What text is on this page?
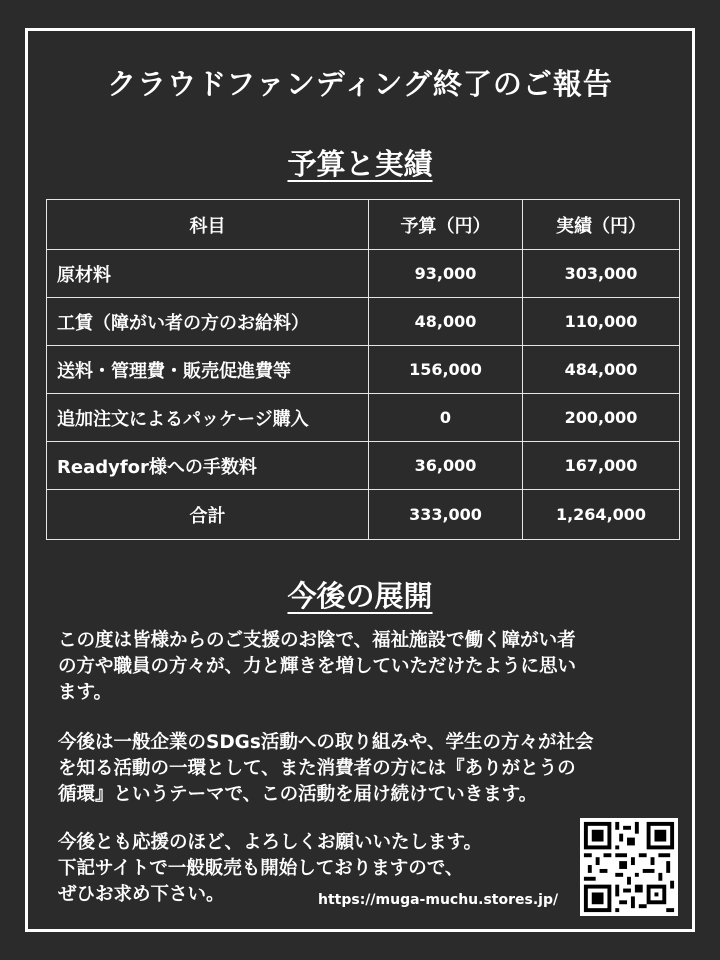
クラウドファンディング終了のご報告
予算と実績
科目	予算（円）	実績（円）
原材料	93,000	303,000
工賃（障がい者の方のお給料）	48,000	110,000
送料・管理費・販売促進費等	156,000	484,000
追加注文によるパッケージ購入	0	200,000
Readyfor様への手数料	36,000	167,000
合計	333,000	1,264,000
今後の展開
この度は皆様からのご支援のお陰で、福祉施設で働く障がい者
の方や職員の方々が、力と輝きを増していただけたように思い
ます。
今後は一般企業のSDGs活動への取り組みや、学生の方々が社会
を知る活動の一環として、また消費者の方には『ありがとうの
循環』というテーマで、この活動を届け続けていきます。
今後とも応援のほど、よろしくお願いいたします。
下記サイトで一般販売も開始しておりますので、
ぜひお求め下さい。	https://muga-muchu.stores.jp/
